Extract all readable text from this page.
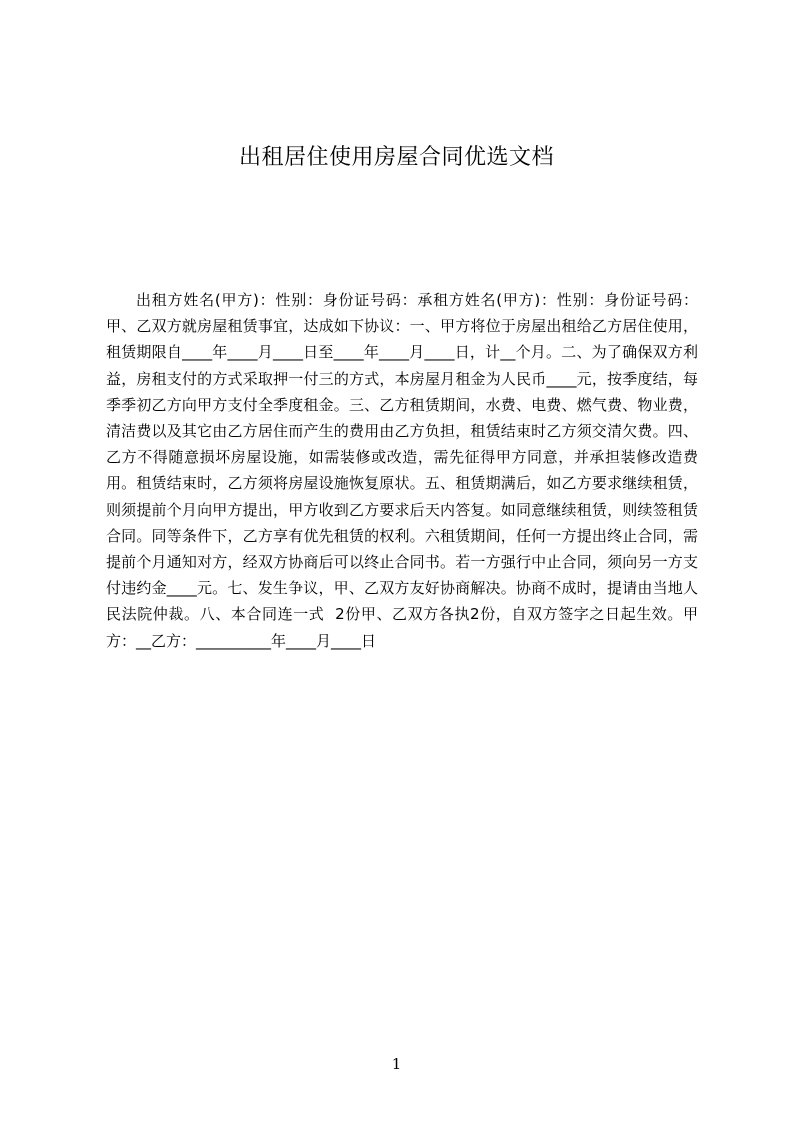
出租居住使用房屋合同优选文档

出租方姓名(甲方)：性别：身份证号码：承租方姓名(甲方)：性别：身份证号码：甲、乙双方就房屋租赁事宜，达成如下协议：一、甲方将位于房屋出租给乙方居住使用，租赁期限自____年____月____日至____年____月____日，计__个月。二、为了确保双方利益，房租支付的方式采取押一付三的方式，本房屋月租金为人民币____元，按季度结，每季季初乙方向甲方支付全季度租金。三、乙方租赁期间，水费、电费、燃气费、物业费，清洁费以及其它由乙方居住而产生的费用由乙方负担，租赁结束时乙方须交清欠费。四、乙方不得随意损坏房屋设施，如需装修或改造，需先征得甲方同意，并承担装修改造费用。租赁结束时，乙方须将房屋设施恢复原状。五、租赁期满后，如乙方要求继续租赁，则须提前个月向甲方提出，甲方收到乙方要求后天内答复。如同意继续租赁，则续签租赁合同。同等条件下，乙方享有优先租赁的权利。六租赁期间，任何一方提出终止合同，需提前个月通知对方，经双方协商后可以终止合同书。若一方强行中止合同，须向另一方支付违约金____元。七、发生争议，甲、乙双方友好协商解决。协商不成时，提请由当地人民法院仲裁。八、本合同连一式  2份甲、乙双方各执2份，自双方签字之日起生效。甲方：__乙方：__________年____月____日

1
